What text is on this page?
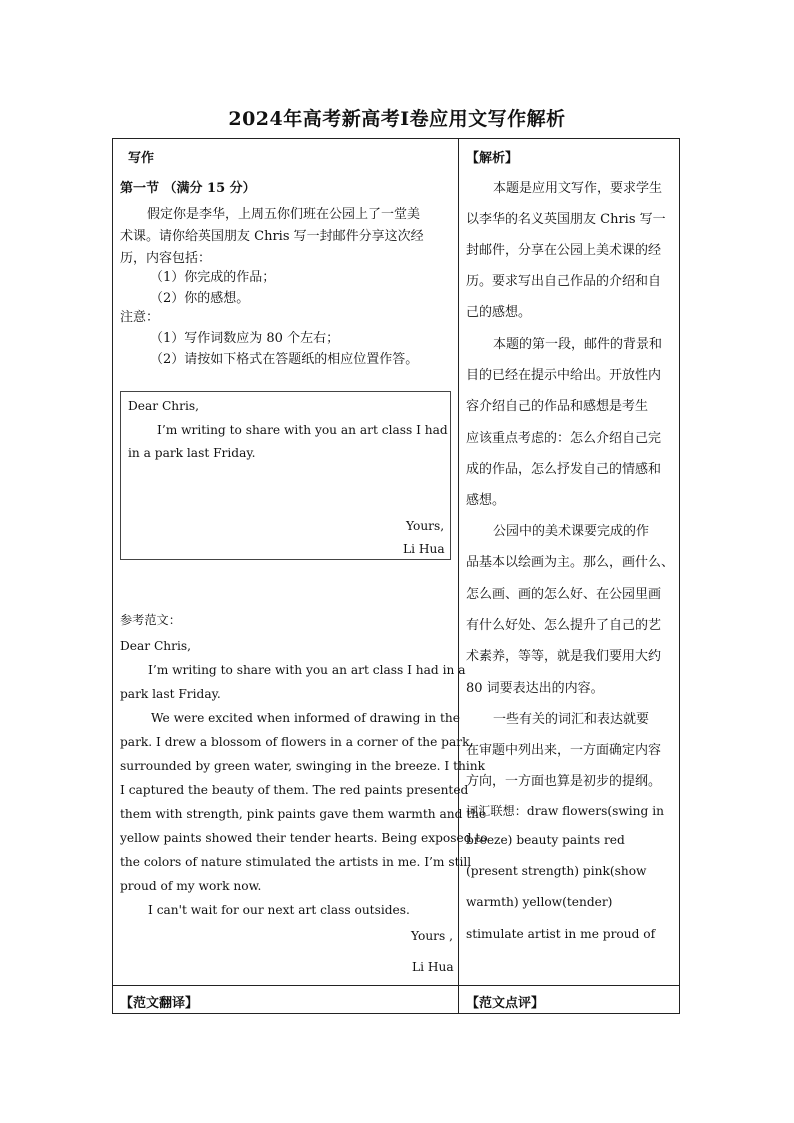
2024年高考新高考Ⅰ卷应用文写作解析
写作
第一节 （满分 15 分）
假定你是李华，上周五你们班在公园上了一堂美
术课。请你给英国朋友 Chris 写一封邮件分享这次经
历，内容包括：
（1）你完成的作品；
（2）你的感想。
注意：
（1）写作词数应为 80 个左右；
（2）请按如下格式在答题纸的相应位置作答。
Dear Chris,
I’m writing to share with you an art class I had
in a park last Friday.
Yours,
Li Hua
参考范文：
Dear Chris,
I’m writing to share with you an art class I had in a
park last Friday.
We were excited when informed of drawing in the
park. I drew a blossom of flowers in a corner of the park,
surrounded by green water, swinging in the breeze. I think
I captured the beauty of them. The red paints presented
them with strength, pink paints gave them warmth and the
yellow paints showed their tender hearts. Being exposed to
the colors of nature stimulated the artists in me. I’m still
proud of my work now.
I can't wait for our next art class outsides.
Yours ,
Li Hua
【范文翻译】
【解析】
本题是应用文写作，要求学生
以李华的名义英国朋友 Chris 写一
封邮件，分享在公园上美术课的经
历。要求写出自己作品的介绍和自
己的感想。
本题的第一段，邮件的背景和
目的已经在提示中给出。开放性内
容介绍自己的作品和感想是考生
应该重点考虑的：怎么介绍自己完
成的作品，怎么抒发自己的情感和
感想。
公园中的美术课要完成的作
品基本以绘画为主。那么，画什么、
怎么画、画的怎么好、在公园里画
有什么好处、怎么提升了自己的艺
术素养，等等，就是我们要用大约
80 词要表达出的内容。
一些有关的词汇和表达就要
在审题中列出来，一方面确定内容
方向，一方面也算是初步的提纲。
词汇联想：draw flowers(swing in
breeze) beauty paints red
(present strength) pink(show
warmth) yellow(tender)
stimulate artist in me proud of
【范文点评】
